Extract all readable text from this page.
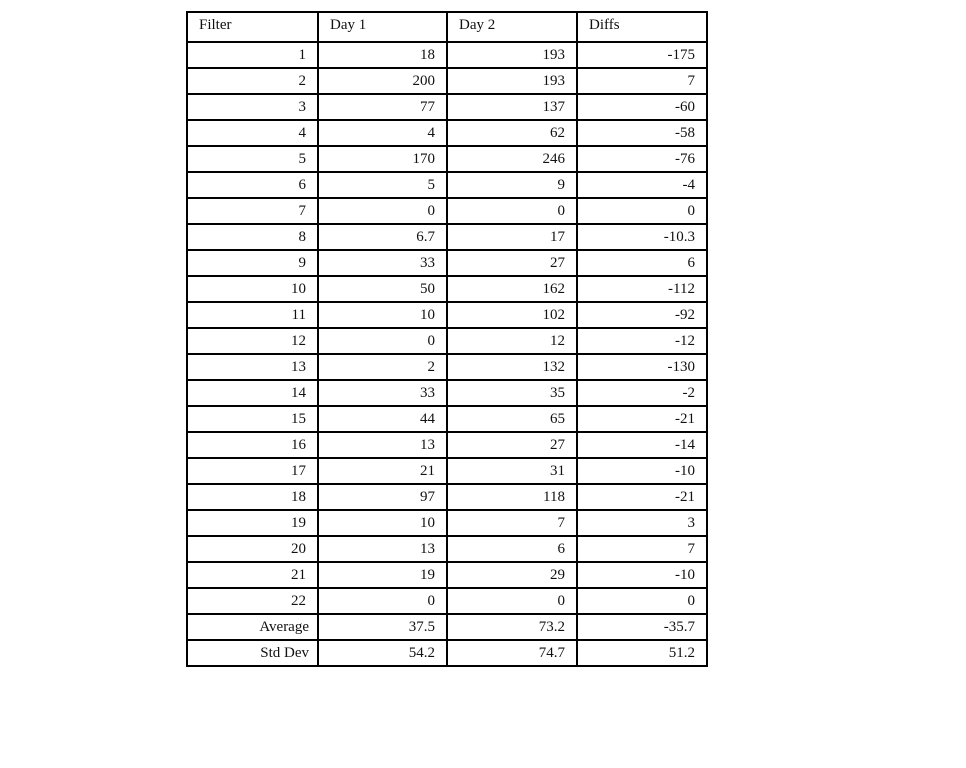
Filter	Day 1	Day 2	Diffs
1	18	193	-175
2	200	193	7
3	77	137	-60
4	4	62	-58
5	170	246	-76
6	5	9	-4
7	0	0	0
8	6.7	17	-10.3
9	33	27	6
10	50	162	-112
11	10	102	-92
12	0	12	-12
13	2	132	-130
14	33	35	-2
15	44	65	-21
16	13	27	-14
17	21	31	-10
18	97	118	-21
19	10	7	3
20	13	6	7
21	19	29	-10
22	0	0	0
Average	37.5	73.2	-35.7
Std Dev	54.2	74.7	51.2
